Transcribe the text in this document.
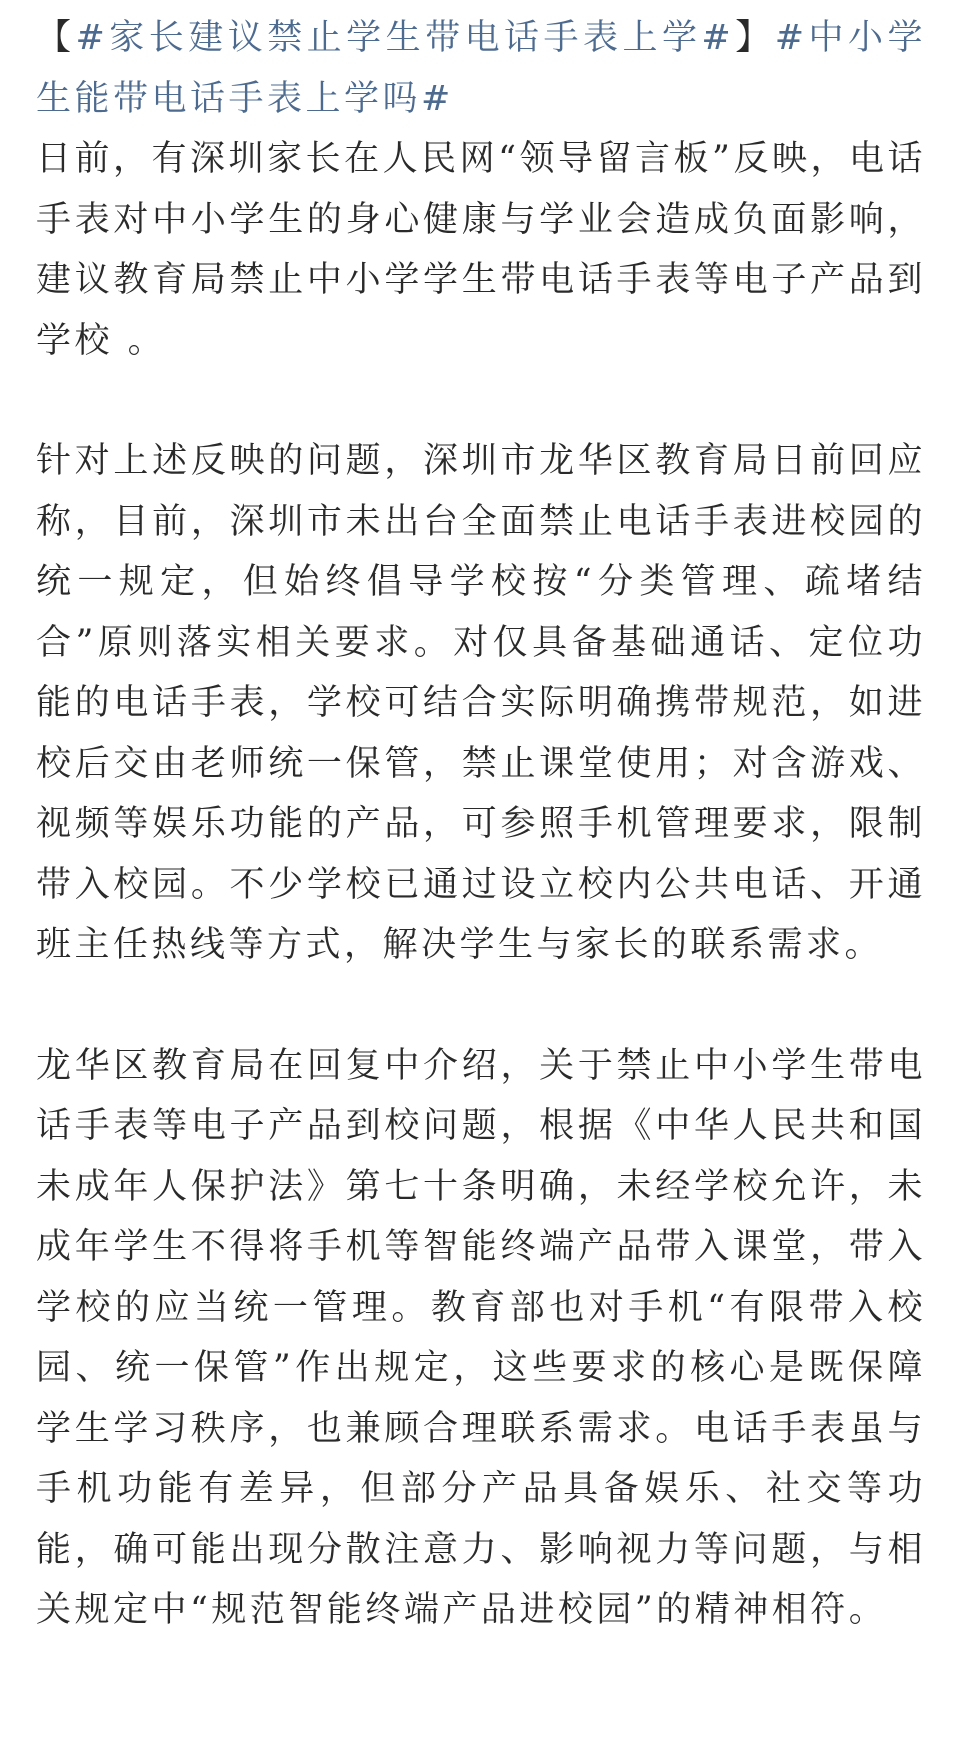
【#家长建议禁止学生带电话手表上学#】#中小学生能带电话手表上学吗#

日前，有深圳家长在人民网“领导留言板”反映，电话手表对中小学生的身心健康与学业会造成负面影响，建议教育局禁止中小学学生带电话手表等电子产品到学校 。

针对上述反映的问题，深圳市龙华区教育局日前回应称，目前，深圳市未出台全面禁止电话手表进校园的统一规定，但始终倡导学校按“分类管理、疏堵结合”原则落实相关要求。对仅具备基础通话、定位功能的电话手表，学校可结合实际明确携带规范，如进校后交由老师统一保管，禁止课堂使用；对含游戏、视频等娱乐功能的产品，可参照手机管理要求，限制带入校园。不少学校已通过设立校内公共电话、开通班主任热线等方式，解决学生与家长的联系需求。

龙华区教育局在回复中介绍，关于禁止中小学生带电话手表等电子产品到校问题，根据《中华人民共和国未成年人保护法》第七十条明确，未经学校允许，未成年学生不得将手机等智能终端产品带入课堂，带入学校的应当统一管理。教育部也对手机“有限带入校园、统一保管”作出规定，这些要求的核心是既保障学生学习秩序，也兼顾合理联系需求。电话手表虽与手机功能有差异，但部分产品具备娱乐、社交等功能，确可能出现分散注意力、影响视力等问题，与相关规定中“规范智能终端产品进校园”的精神相符。
